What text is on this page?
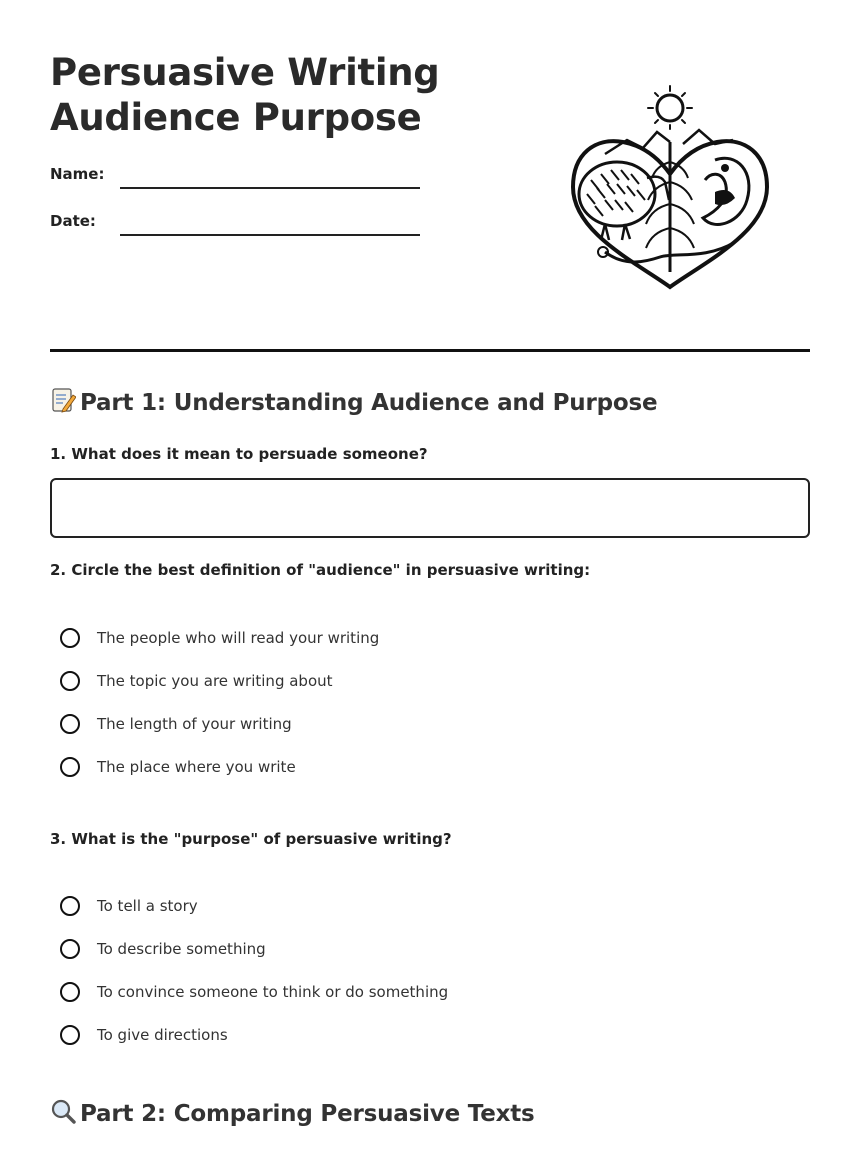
Persuasive Writing
Audience Purpose
Name:
Date:
Part 1: Understanding Audience and Purpose

1. What does it mean to persuade someone?

2. Circle the best definition of "audience" in persuasive writing:

The people who will read your writing
The topic you are writing about
The length of your writing
The place where you write

3. What is the "purpose" of persuasive writing?

To tell a story
To describe something
To convince someone to think or do something
To give directions
Part 2: Comparing Persuasive Texts
